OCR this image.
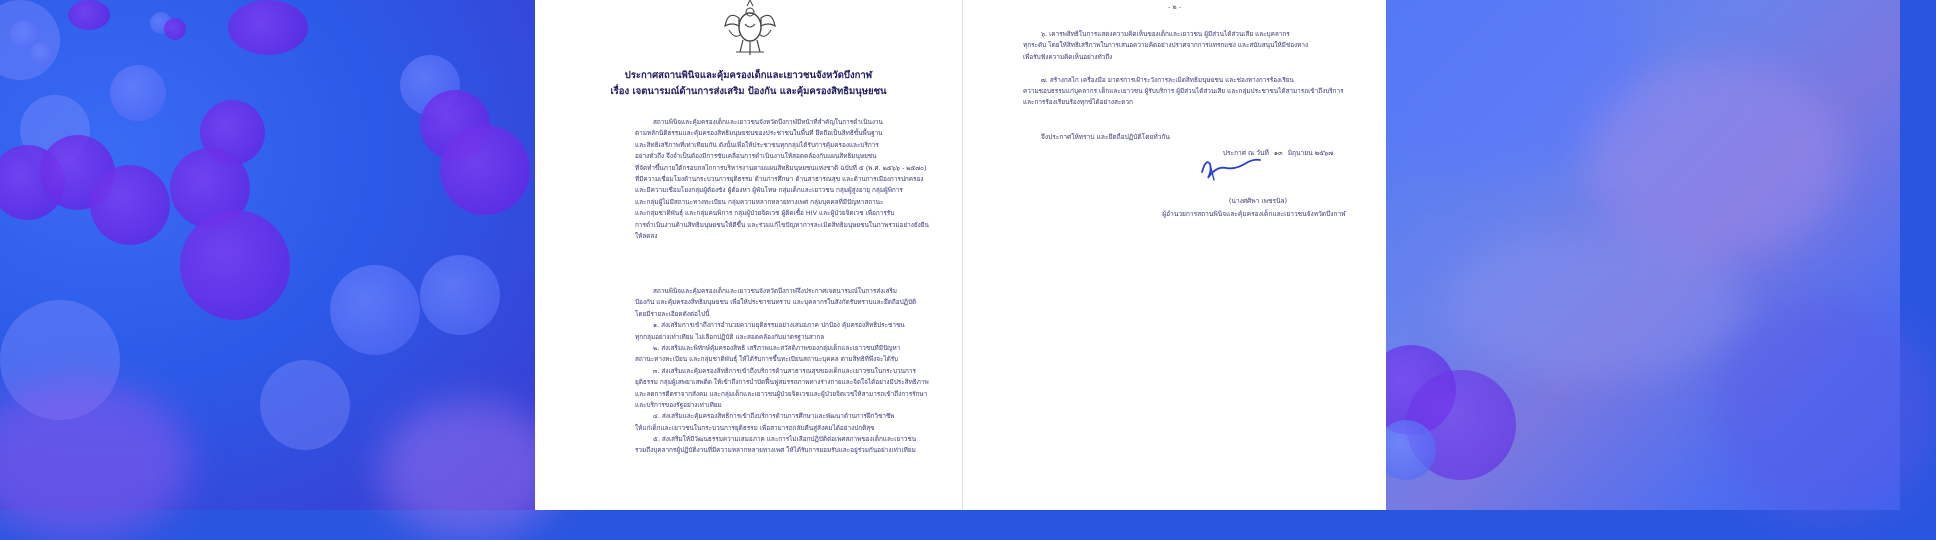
ประกาศสถานพินิจและคุ้มครองเด็กและเยาวชนจังหวัดบึงกาฬ
เรื่อง เจตนารมณ์ด้านการส่งเสริม ป้องกัน และคุ้มครองสิทธิมนุษยชน
สถานพินิจและคุ้มครองเด็กและเยาวชนจังหวัดบึงกาฬมีหน้าที่สำคัญในการดำเนินงาน
ตามหลักนิติธรรมและคุ้มครองสิทธิมนุษยชนของประชาชนในพื้นที่ ยึดถือเป็นสิทธิขั้นพื้นฐาน
และสิทธิเสรีภาพที่เท่าเทียมกัน ดังนั้นเพื่อให้ประชาชนทุกกลุ่มได้รับการคุ้มครองและบริการ
อย่างทั่วถึง จึงจำเป็นต้องมีการขับเคลื่อนการดำเนินงานให้สอดคล้องกับแผนสิทธิมนุษยชน
ที่จัดทำขึ้นภายใต้กรอบกลไกการบริหารงานตามแผนสิทธิมนุษยชนแห่งชาติ ฉบับที่ ๕ (พ.ศ. ๒๕๖๖ - ๒๕๗๐)
ที่มีความเชื่อมโยงด้านกระบวนการยุติธรรม ด้านการศึกษา ด้านสาธารณสุข และด้านการเมืองการปกครอง
และมีความเชื่อมโยงกลุ่มผู้ต้องขัง ผู้ต้องหา ผู้พ้นโทษ กลุ่มเด็กและเยาวชน กลุ่มผู้สูงอายุ กลุ่มผู้พิการ
และกลุ่มผู้ไม่มีสถานะทางทะเบียน กลุ่มความหลากหลายทางเพศ กลุ่มบุคคลที่มีปัญหาสถานะ
และกลุ่มชาติพันธุ์ และกลุ่มคนพิการ กลุ่มผู้ป่วยจิตเวช ผู้ติดเชื้อ HIV และผู้ป่วยจิตเวช เพื่อการรับ
การดำเนินงานด้านสิทธิมนุษยชนให้ดีขึ้น และร่วมแก้ไขปัญหาการละเมิดสิทธิมนุษยชนในภาพรวมอย่างยั่งยืน
ให้ลดลง
สถานพินิจและคุ้มครองเด็กและเยาวชนจังหวัดบึงกาฬจึงประกาศเจตนารมณ์ในการส่งเสริม
ป้องกัน และคุ้มครองสิทธิมนุษยชน เพื่อให้ประชาชนทราบ และบุคลากรในสังกัดรับทราบและยึดถือปฏิบัติ
โดยมีรายละเอียดดังต่อไปนี้
๑. ส่งเสริมการเข้าถึงการอำนวยความยุติธรรมอย่างเสมอภาค ปกป้อง คุ้มครองสิทธิประชาชน
ทุกกลุ่มอย่างเท่าเทียม ไม่เลือกปฏิบัติ และสอดคล้องกับมาตรฐานสากล
๒. ส่งเสริมและพิทักษ์คุ้มครองสิทธิ เสรีภาพและสวัสดิภาพของกลุ่มเด็กและเยาวชนที่มีปัญหา
สถานะทางทะเบียน และกลุ่มชาติพันธุ์ ให้ได้รับการขึ้นทะเบียนสถานะบุคคล ตามสิทธิที่พึงจะได้รับ
๓. ส่งเสริมและคุ้มครองสิทธิการเข้าถึงบริการด้านสาธารณสุขของเด็กและเยาวชนในกระบวนการ
ยุติธรรม กลุ่มผู้เสพยาเสพติด ให้เข้าถึงการบำบัดฟื้นฟูสมรรถภาพทางร่างกายและจิตใจได้อย่างมีประสิทธิภาพ
และลดการตีตราจากสังคม และกลุ่มเด็กและเยาวชนผู้ป่วยจิตเวชและผู้ป่วยจิตเวชให้สามารถเข้าถึงการรักษา
และบริการของรัฐอย่างเท่าเทียม
๔. ส่งเสริมและคุ้มครองสิทธิการเข้าถึงบริการด้านการศึกษาและพัฒนาด้านการฝึกวิชาชีพ
ให้แก่เด็กและเยาวชนในกระบวนการยุติธรรม เพื่อสามารถกลับคืนสู่สังคมได้อย่างปกติสุข
๕. ส่งเสริมให้มีวัฒนธรรมความเสมอภาค และการไม่เลือกปฏิบัติต่อเพศสภาพของเด็กและเยาวชน
รวมถึงบุคลากรผู้ปฏิบัติงานที่มีความหลากหลายทางเพศ ให้ได้รับการยอมรับและอยู่ร่วมกันอย่างเท่าเทียม
- ๒ -
๖. เคารพสิทธิในการแสดงความคิดเห็นของเด็กและเยาวชน ผู้มีส่วนได้ส่วนเสีย และบุคลากร
ทุกระดับ โดยให้สิทธิเสรีภาพในการเสนอความคิดอย่างปราศจากการแทรกแซง และสนับสนุนให้มีช่องทาง
เพื่อรับฟังความคิดเห็นอย่างทั่วถึง
๗. สร้างกลไก เครื่องมือ มาตรการเฝ้าระวังการละเมิดสิทธิมนุษยชน และช่องทางการร้องเรียน
ความชอบธรรมแก่บุคลากร เด็กและเยาวชน ผู้รับบริการ ผู้มีส่วนได้ส่วนเสีย และกลุ่มประชาชนได้สามารถเข้าถึงบริการ
และการร้องเรียนร้องทุกข์ได้อย่างสะดวก
จึงประกาศให้ทราบ และยึดถือปฏิบัติโดยทั่วกัน
ประกาศ ณ วันที่ ๑๓ มิถุนายน ๒๕๖๗
(นางศศิพา เพชรนิล)
ผู้อำนวยการสถานพินิจและคุ้มครองเด็กและเยาวชนจังหวัดบึงกาฬ
